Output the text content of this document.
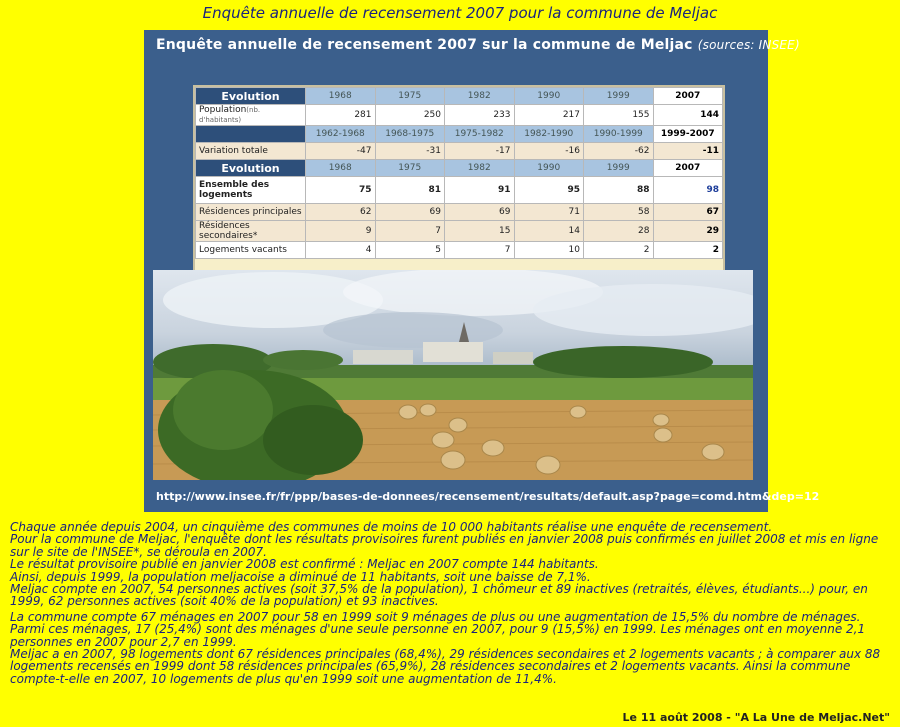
Enquête annuelle de recensement 2007 pour la commune de Meljac
Enquête annuelle de recensement 2007 sur la commune de Meljac (sources: INSEE)
Evolution	1968	1975	1982	1990	1999	2007
Population(nb. d'habitants)	281	250	233	217	155	144
	1962-1968	1968-1975	1975-1982	1982-1990	1990-1999	1999-2007
Variation totale	-47	-31	-17	-16	-62	-11
Evolution	1968	1975	1982	1990	1999	2007
Ensemble des logements	75	81	91	95	88	98
Résidences principales	62	69	69	71	58	67
Résidences secondaires*	9	7	15	14	28	29
Logements vacants	4	5	7	10	2	2
http://www.insee.fr/fr/ppp/bases-de-donnees/recensement/resultats/default.asp?page=comd.htm&dep=12

Chaque année depuis 2004, un cinquième des communes de moins de 10 000 habitants réalise une enquête de recensement.

Pour la commune de Meljac, l'enquête dont les résultats provisoires furent publiés en janvier 2008 puis confirmés en juillet 2008 et mis en ligne sur le site de l'INSEE*, se déroula en 2007.

Le résultat provisoire publié en janvier 2008 est confirmé : Meljac en 2007 compte 144 habitants.

Ainsi, depuis 1999, la population meljacoise a diminué de 11 habitants, soit une baisse de 7,1%.

Meljac compte en 2007, 54 personnes actives (soit 37,5% de la population), 1 chômeur et 89 inactives (retraités, élèves, étudiants...) pour, en 1999, 62 personnes actives (soit 40% de la population) et 93 inactives.

La commune compte 67 ménages en 2007 pour 58 en 1999 soit 9 ménages de plus ou une augmentation de 15,5% du nombre de ménages. Parmi ces ménages, 17 (25,4%) sont des ménages d'une seule personne en 2007, pour 9 (15,5%) en 1999. Les ménages ont en moyenne 2,1 personnes en 2007 pour 2,7 en 1999.

Meljac a en 2007, 98 logements dont 67 résidences principales (68,4%), 29 résidences secondaires et 2 logements vacants ; à comparer aux 88 logements recensés en 1999 dont 58 résidences principales (65,9%), 28 résidences secondaires et 2 logements vacants. Ainsi la commune compte-t-elle en 2007, 10 logements de plus qu'en 1999 soit une augmentation de 11,4%.

Le 11 août 2008 - "A La Une de Meljac.Net"
